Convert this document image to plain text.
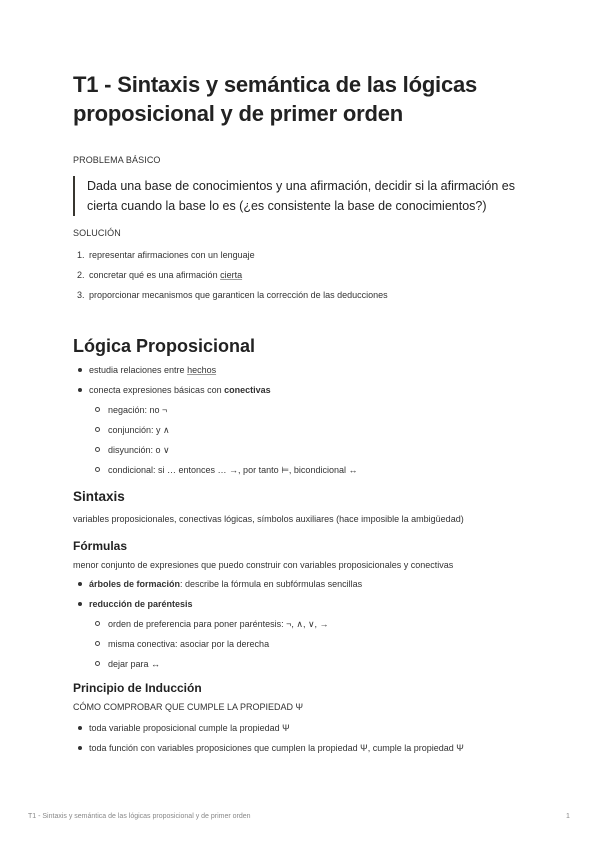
T1 - Sintaxis y semántica de las lógicas proposicional y de primer orden
PROBLEMA BÁSICO
Dada una base de conocimientos y una afirmación, decidir si la afirmación es cierta cuando la base lo es (¿es consistente la base de conocimientos?)
SOLUCIÓN
1. representar afirmaciones con un lenguaje
2. concretar qué es una afirmación cierta
3. proporcionar mecanismos que garanticen la corrección de las deducciones
Lógica Proposicional
estudia relaciones entre hechos
conecta expresiones básicas con conectivas
negación: no ¬
conjunción: y ∧
disyunción: o ∨
condicional: si … entonces … →, por tanto ⊨, bicondicional ↔
Sintaxis
variables proposicionales, conectivas lógicas, símbolos auxiliares (hace imposible la ambigüedad)
Fórmulas
menor conjunto de expresiones que puedo construir con variables proposicionales y conectivas
árboles de formación: describe la fórmula en subfórmulas sencillas
reducción de paréntesis
orden de preferencia para poner paréntesis: ¬, ∧, ∨, →
misma conectiva: asociar por la derecha
dejar para ↔
Principio de Inducción
CÓMO COMPROBAR QUE CUMPLE LA PROPIEDAD Ψ
toda variable proposicional cumple la propiedad Ψ
toda función con variables proposiciones que cumplen la propiedad Ψ, cumple la propiedad Ψ
T1 - Sintaxis y semántica de las lógicas proposicional y de primer orden	1
